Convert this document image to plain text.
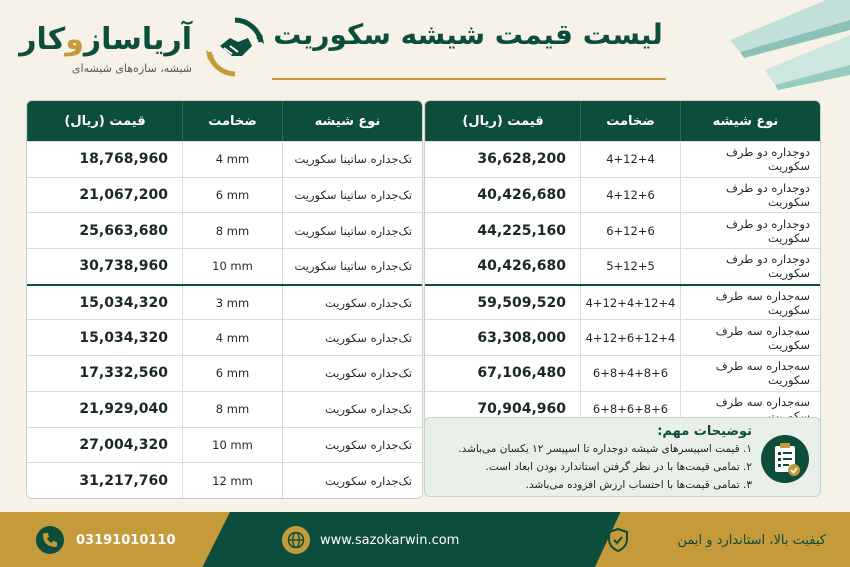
آریاسازوکار
شیشه، سازه‌های شیشه‌ای
لیست قیمت شیشه سکوریت
نوع شیشه
ضخامت
قیمت (ریال)
دوجداره دو طرف سکوریت
4+12+4
36,628,200
دوجداره دو طرف سکوریت
4+12+6
40,426,680
دوجداره دو طرف سکوریت
6+12+6
44,225,160
دوجداره دو طرف سکوریت
5+12+5
40,426,680
سه‌جداره سه طرف سکوریت
4+12+4+12+4
59,509,520
سه‌جداره سه طرف سکوریت
4+12+6+12+4
63,308,000
سه‌جداره سه طرف سکوریت
6+8+4+8+6
67,106,480
سه‌جداره سه طرف
6+8+6+8+6
70,904,960
نوع شیشه
ضخامت
قیمت (ریال)
تک‌جداره ساتینا سکوریت
4 mm
18,768,960
تک‌جداره ساتینا سکوریت
6 mm
21,067,200
تک‌جداره ساتینا سکوریت
8 mm
25,663,680
تک‌جداره ساتینا سکوریت
10 mm
30,738,960
تک‌جداره سکوریت
3 mm
15,034,320
تک‌جداره سکوریت
4 mm
15,034,320
تک‌جداره سکوریت
6 mm
17,332,560
تک‌جداره سکوریت
8 mm
21,929,040
تک‌جداره سکوریت
10 mm
27,004,320
تک‌جداره سکوریت
12 mm
31,217,760
توضیحات مهم:
۱. قیمت اسپیسرهای شیشه دوجداره تا اسپیسر ۱۲ یکسان می‌باشد.
۲. تمامی قیمت‌ها با در نظر گرفتن استاندارد بودن ابعاد است.
۳. تمامی قیمت‌ها با احتساب ارزش افزوده می‌باشد.
03191010110	www.sazokarwin.com	کیفیت بالا، استاندارد و ایمن
